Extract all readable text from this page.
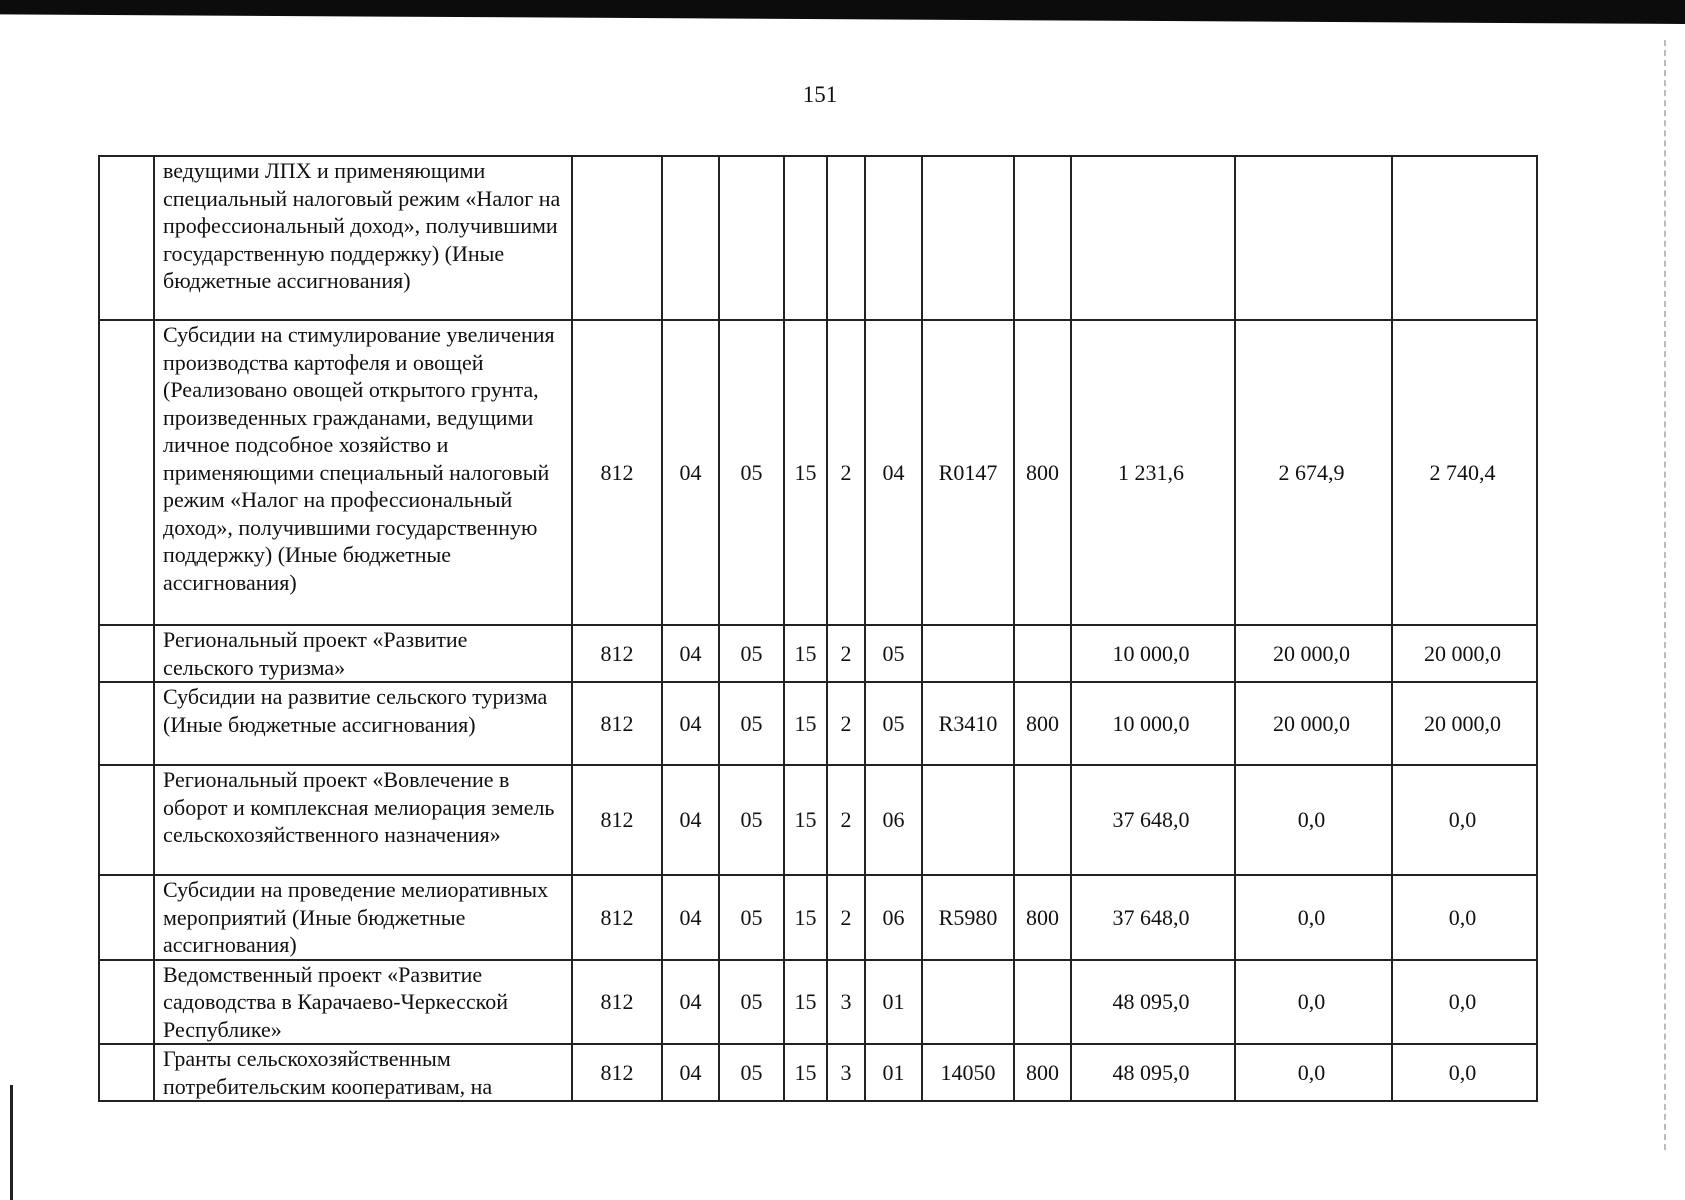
151
	ведущими ЛПХ и применяющими специальный налоговый режим «Налог на профессиональный доход», получившими государственную поддержку) (Иные бюджетные ассигнования)											
	Субсидии на стимулирование увеличения производства картофеля и овощей (Реализовано овощей открытого грунта, произведенных гражданами, ведущими личное подсобное хозяйство и применяющими специальный налоговый режим «Налог на профессиональный доход», получившими государственную поддержку) (Иные бюджетные ассигнования)	812	04	05	15	2	04	R0147	800	1 231,6	2 674,9	2 740,4
	Региональный проект «Развитие сельского туризма»	812	04	05	15	2	05			10 000,0	20 000,0	20 000,0
	Субсидии на развитие сельского туризма (Иные бюджетные ассигнования)	812	04	05	15	2	05	R3410	800	10 000,0	20 000,0	20 000,0
	Региональный проект «Вовлечение в оборот и комплексная мелиорация земель сельскохозяйственного назначения»	812	04	05	15	2	06			37 648,0	0,0	0,0
	Субсидии на проведение мелиоративных мероприятий (Иные бюджетные ассигнования)	812	04	05	15	2	06	R5980	800	37 648,0	0,0	0,0
	Ведомственный проект «Развитие садоводства в Карачаево-Черкесской Республике»	812	04	05	15	3	01			48 095,0	0,0	0,0
	Гранты сельскохозяйственным потребительским кооперативам, на	812	04	05	15	3	01	14050	800	48 095,0	0,0	0,0
